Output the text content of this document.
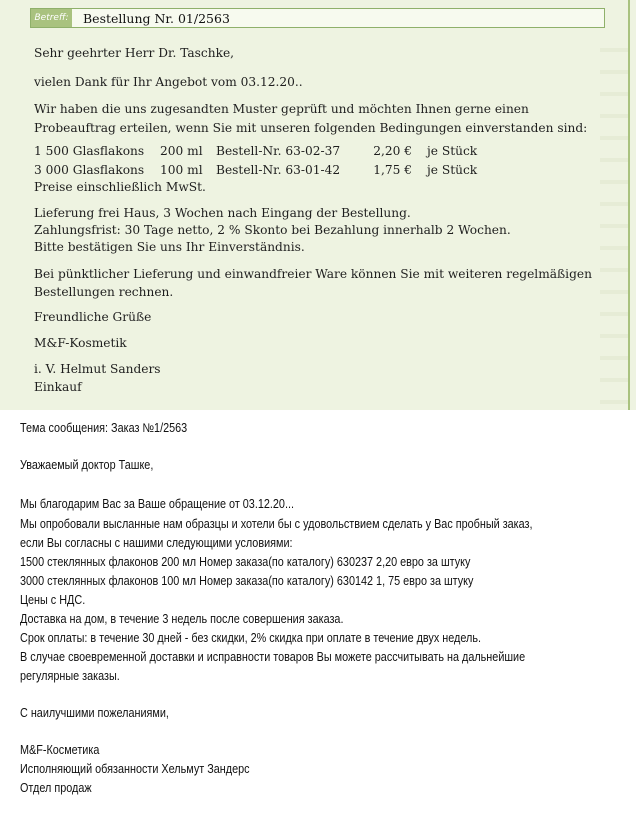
Betreff: Bestellung Nr. 01/2563

Sehr geehrter Herr Dr. Taschke,

vielen Dank für Ihr Angebot vom 03.12.20..

Wir haben die uns zugesandten Muster geprüft und möchten Ihnen gerne einen

Probeauftrag erteilen, wenn Sie mit unseren folgenden Bedingungen einverstanden sind:

1 500 Glasflakons 200 ml Bestell-Nr. 63-02-37	2,20 € je Stück
3 000 Glasflakons 100 ml Bestell-Nr. 63-01-42	1,75 € je Stück

Preise einschließlich MwSt.

Lieferung frei Haus, 3 Wochen nach Eingang der Bestellung.

Zahlungsfrist: 30 Tage netto, 2 % Skonto bei Bezahlung innerhalb 2 Wochen.

Bitte bestätigen Sie uns Ihr Einverständnis.

Bei pünktlicher Lieferung und einwandfreier Ware können Sie mit weiteren regelmäßigen

Bestellungen rechnen.

Freundliche Grüße

M&F-Kosmetik

i. V. Helmut Sanders

Einkauf

Тема сообщения: Заказ №1/2563

Уважаемый доктор Ташке,

Мы благодарим Вас за Ваше обращение от 03.12.20...

Мы опробовали высланные нам образцы и хотели бы с удовольствием сделать у Вас пробный заказ,

если Вы согласны с нашими следующими условиями:

1500 стеклянных флаконов 200 мл Номер заказа(по каталогу) 630237 2,20 евро за штуку

3000 стеклянных флаконов 100 мл Номер заказа(по каталогу) 630142 1, 75 евро за штуку

Цены с НДС.

Доставка на дом, в течение 3 недель после совершения заказа.

Срок оплаты: в течение 30 дней - без скидки, 2% скидка при оплате в течение двух недель.

В случае своевременной доставки и исправности товаров Вы можете рассчитывать на дальнейшие

регулярные заказы.

С наилучшими пожеланиями,

M&F-Косметика

Исполняющий обязанности Хельмут Зандерс

Отдел продаж
